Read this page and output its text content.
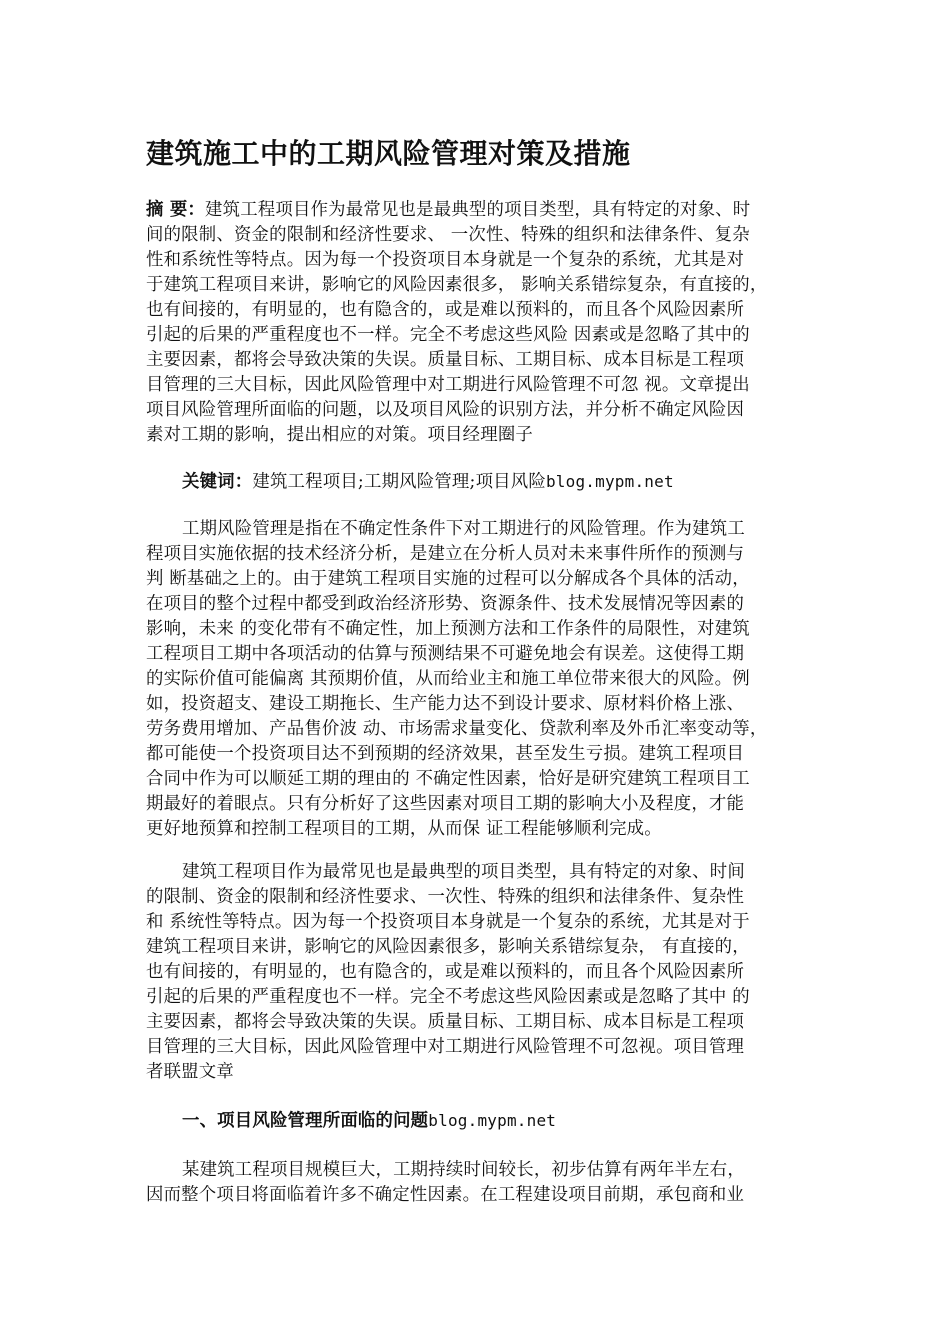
建筑施工中的工期风险管理对策及措施
摘 要：建筑工程项目作为最常见也是最典型的项目类型，具有特定的对象、时
间的限制、资金的限制和经济性要求、 一次性、特殊的组织和法律条件、复杂
性和系统性等特点。因为每一个投资项目本身就是一个复杂的系统，尤其是对
于建筑工程项目来讲，影响它的风险因素很多， 影响关系错综复杂，有直接的，
也有间接的，有明显的，也有隐含的，或是难以预料的，而且各个风险因素所
引起的后果的严重程度也不一样。完全不考虑这些风险 因素或是忽略了其中的
主要因素，都将会导致决策的失误。质量目标、工期目标、成本目标是工程项
目管理的三大目标，因此风险管理中对工期进行风险管理不可忽 视。文章提出
项目风险管理所面临的问题，以及项目风险的识别方法，并分析不确定风险因
素对工期的影响，提出相应的对策。项目经理圈子
关键词：建筑工程项目;工期风险管理;项目风险blog.mypm.net
工期风险管理是指在不确定性条件下对工期进行的风险管理。作为建筑工
程项目实施依据的技术经济分析，是建立在分析人员对未来事件所作的预测与
判 断基础之上的。由于建筑工程项目实施的过程可以分解成各个具体的活动，
在项目的整个过程中都受到政治经济形势、资源条件、技术发展情况等因素的
影响，未来 的变化带有不确定性，加上预测方法和工作条件的局限性，对建筑
工程项目工期中各项活动的估算与预测结果不可避免地会有误差。这使得工期
的实际价值可能偏离 其预期价值，从而给业主和施工单位带来很大的风险。例
如，投资超支、建设工期拖长、生产能力达不到设计要求、原材料价格上涨、
劳务费用增加、产品售价波 动、市场需求量变化、贷款利率及外币汇率变动等，
都可能使一个投资项目达不到预期的经济效果，甚至发生亏损。建筑工程项目
合同中作为可以顺延工期的理由的 不确定性因素，恰好是研究建筑工程项目工
期最好的着眼点。只有分析好了这些因素对项目工期的影响大小及程度，才能
更好地预算和控制工程项目的工期，从而保 证工程能够顺利完成。
建筑工程项目作为最常见也是最典型的项目类型，具有特定的对象、时间
的限制、资金的限制和经济性要求、一次性、特殊的组织和法律条件、复杂性
和 系统性等特点。因为每一个投资项目本身就是一个复杂的系统，尤其是对于
建筑工程项目来讲，影响它的风险因素很多，影响关系错综复杂， 有直接的，
也有间接的，有明显的，也有隐含的，或是难以预料的，而且各个风险因素所
引起的后果的严重程度也不一样。完全不考虑这些风险因素或是忽略了其中 的
主要因素，都将会导致决策的失误。质量目标、工期目标、成本目标是工程项
目管理的三大目标，因此风险管理中对工期进行风险管理不可忽视。项目管理
者联盟文章
一、项目风险管理所面临的问题blog.mypm.net
某建筑工程项目规模巨大，工期持续时间较长，初步估算有两年半左右，
因而整个项目将面临着许多不确定性因素。在工程建设项目前期，承包商和业
